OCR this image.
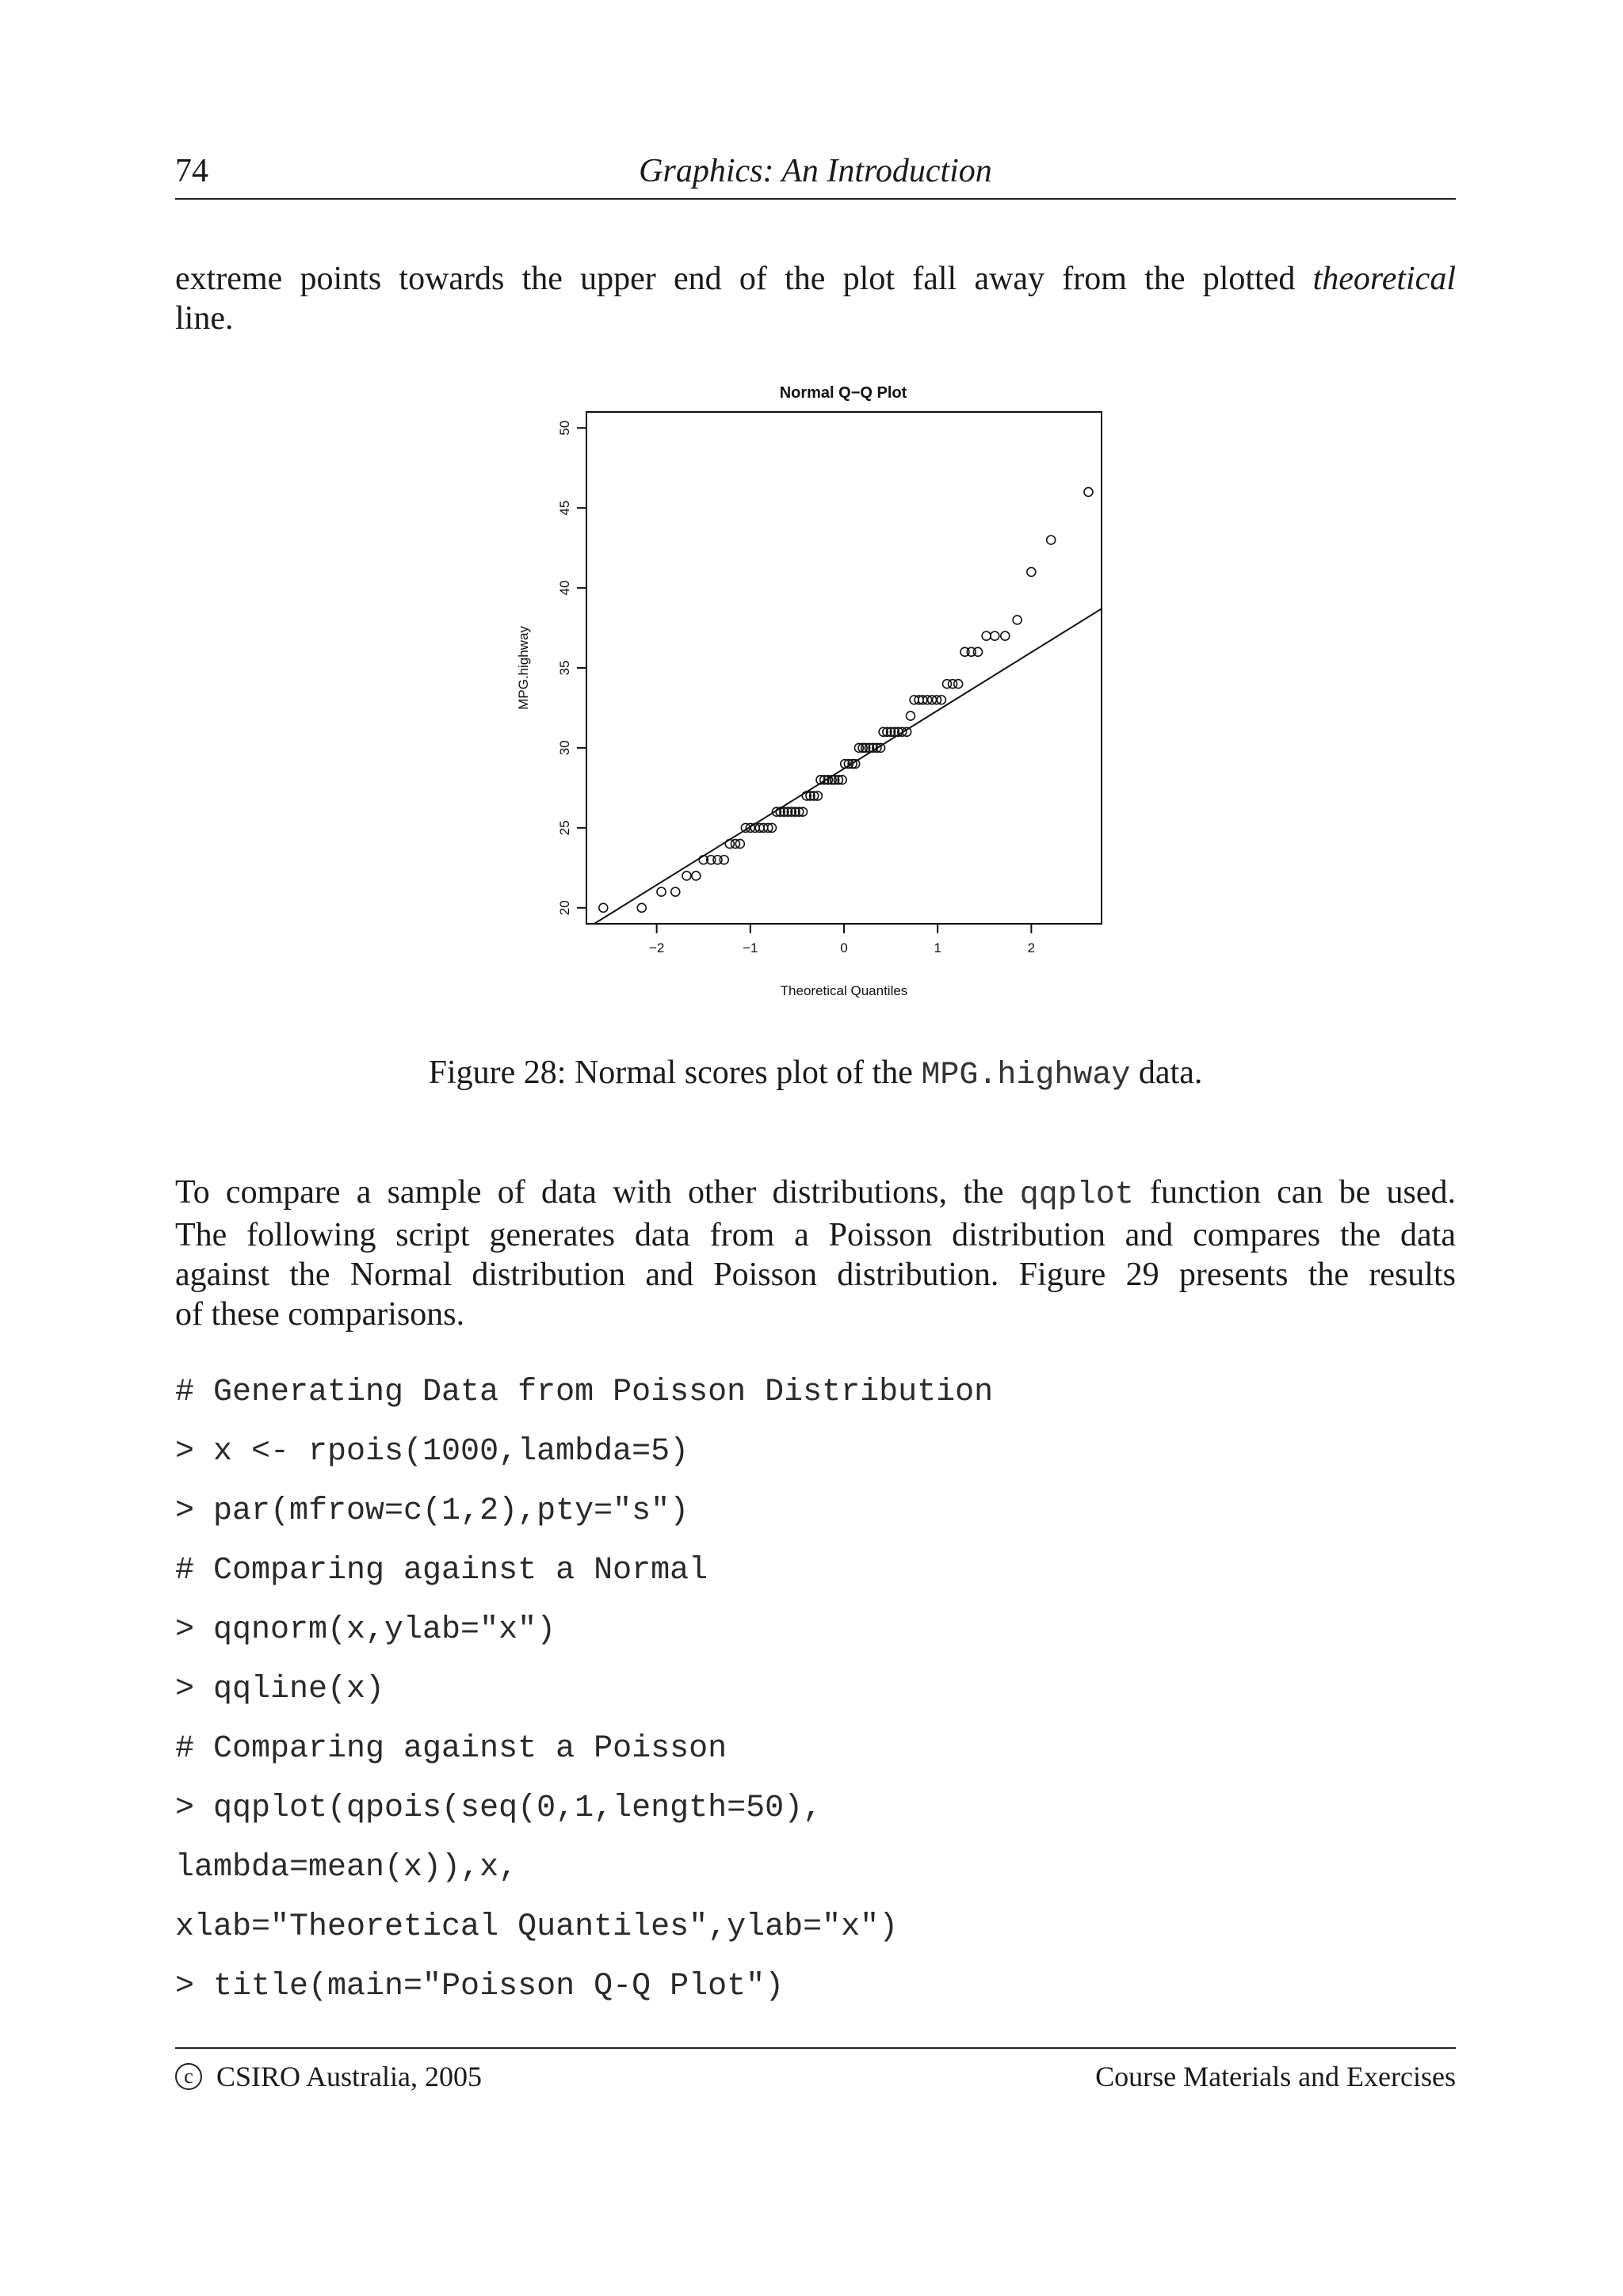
74	Graphics: An Introduction
extreme points towards the upper end of the plot fall away from the plotted theoretical
line.
Normal Q−Q Plot
20
25
30
35
40
45
50
−2	−1	0	1	2
Theoretical Quantiles
MPG.highway
Figure 28: Normal scores plot of the MPG.highway data.
To compare a sample of data with other distributions, the qqplot function can be used.
The following script generates data from a Poisson distribution and compares the data
against the Normal distribution and Poisson distribution. Figure 29 presents the results
of these comparisons.
# Generating Data from Poisson Distribution
> x <- rpois(1000,lambda=5)
> par(mfrow=c(1,2),pty="s")
# Comparing against a Normal
> qqnorm(x,ylab="x")
> qqline(x)
# Comparing against a Poisson
> qqplot(qpois(seq(0,1,length=50),
lambda=mean(x)),x,
xlab="Theoretical Quantiles",ylab="x")
> title(main="Poisson Q-Q Plot")
c CSIRO Australia, 2005	Course Materials and Exercises
